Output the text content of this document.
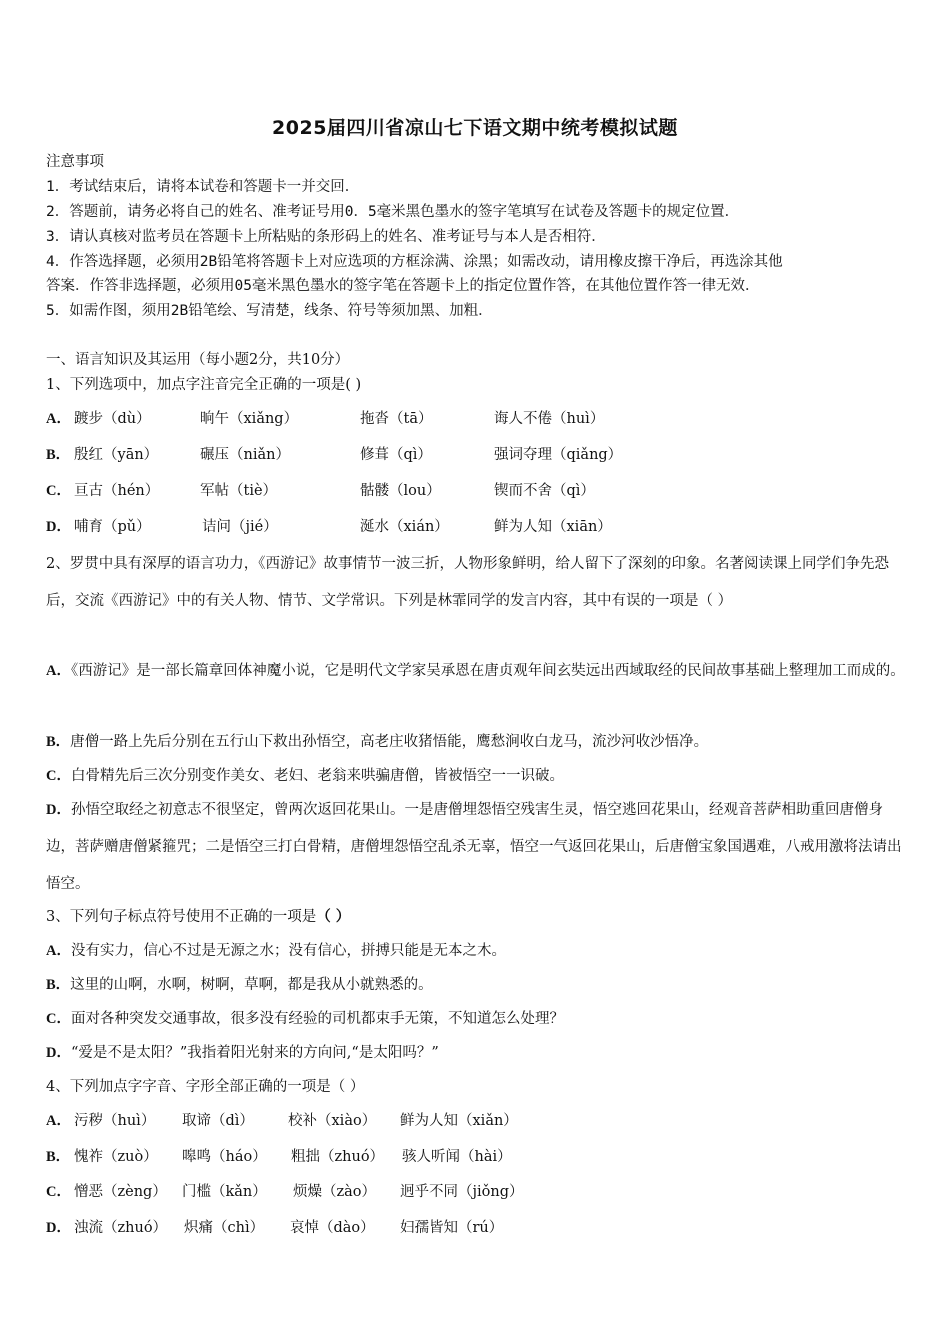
2025届四川省凉山七下语文期中统考模拟试题
注意事项
1．考试结束后，请将本试卷和答题卡一并交回．
2．答题前，请务必将自己的姓名、准考证号用0．5毫米黑色墨水的签字笔填写在试卷及答题卡的规定位置．
3．请认真核对监考员在答题卡上所粘贴的条形码上的姓名、准考证号与本人是否相符．
4．作答选择题，必须用2B铅笔将答题卡上对应选项的方框涂满、涂黑；如需改动，请用橡皮擦干净后，再选涂其他
答案．作答非选择题，必须用05毫米黑色墨水的签字笔在答题卡上的指定位置作答，在其他位置作答一律无效．
5．如需作图，须用2B铅笔绘、写清楚，线条、符号等须加黑、加粗．
一、语言知识及其运用（每小题2分，共10分）
1、下列选项中，加点字注音完全正确的一项是( )
A． 踱步（dù）	晌午（xiǎng）	拖沓（tā）	诲人不倦（huì）
B． 殷红（yān）	碾压（niǎn）	修葺（qì）	强词夺理（qiǎng）
C． 亘古（hén）	军帖（tiè）	骷髅（lou）	锲而不舍（qì）
D． 哺育（pǔ）	诘问（jié）	涎水（xián）	鲜为人知（xiān）
2、罗贯中具有深厚的语言功力，《西游记》故事情节一波三折，人物形象鲜明，给人留下了深刻的印象。名著阅读课上同学们争先恐后，交流《西游记》中的有关人物、情节、文学常识。下列是林霏同学的发言内容，其中有误的一项是（ ）
A．《西游记》是一部长篇章回体神魔小说，它是明代文学家吴承恩在唐贞观年间玄奘远出西域取经的民间故事基础上整理加工而成的。
B．唐僧一路上先后分别在五行山下救出孙悟空，高老庄收猪悟能，鹰愁涧收白龙马，流沙河收沙悟净。
C．白骨精先后三次分别变作美女、老妇、老翁来哄骗唐僧，皆被悟空一一识破。
D．孙悟空取经之初意志不很坚定，曾两次返回花果山。一是唐僧埋怨悟空残害生灵，悟空逃回花果山，经观音菩萨相助重回唐僧身边，菩萨赠唐僧紧箍咒；二是悟空三打白骨精，唐僧埋怨悟空乱杀无辜，悟空一气返回花果山，后唐僧宝象国遇难，八戒用激将法请出悟空。
3、下列句子标点符号使用不正确的一项是（ ）
A．没有实力，信心不过是无源之水；没有信心，拼搏只能是无本之木。
B．这里的山啊，水啊，树啊，草啊，都是我从小就熟悉的。
C．面对各种突发交通事故，很多没有经验的司机都束手无策，不知道怎么处理？
D．“爱是不是太阳？”我指着阳光射来的方向问,“是太阳吗？”
4、下列加点字字音、字形全部正确的一项是（ ）
A． 污秽（huì） 取谛（dì） 校补（xiào） 鲜为人知（xiǎn）
B． 愧祚（zuò） 嗥鸣（háo） 粗拙（zhuó） 骇人听闻（hài）
C． 憎恶（zèng） 门槛（kǎn） 烦燥（zào） 迥乎不同（jiǒng）
D． 浊流（zhuó） 炽痛（chì） 哀悼（dào） 妇孺皆知（rú）
